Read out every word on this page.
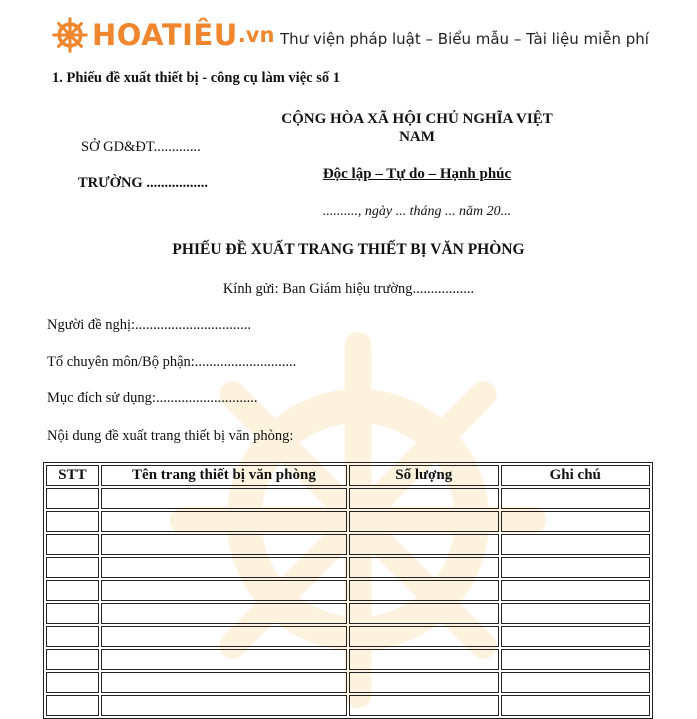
HOATIÊU .vn Thư viện pháp luật – Biểu mẫu – Tài liệu miễn phí
1. Phiếu đề xuất thiết bị - công cụ làm việc số 1
CỘNG HÒA XÃ HỘI CHỦ NGHĨA VIỆT NAM
SỞ GD&ĐT.............
Độc lập – Tự do – Hạnh phúc
TRƯỜNG .................
.........., ngày ... tháng ... năm 20...
PHIẾU ĐỀ XUẤT TRANG THIẾT BỊ VĂN PHÒNG
Kính gửi: Ban Giám hiệu trường.................
Người đề nghị:................................
Tổ chuyên môn/Bộ phận:............................
Mục đích sử dụng:............................
Nội dung đề xuất trang thiết bị văn phòng:
STT	Tên trang thiết bị văn phòng	Số lượng	Ghi chú
